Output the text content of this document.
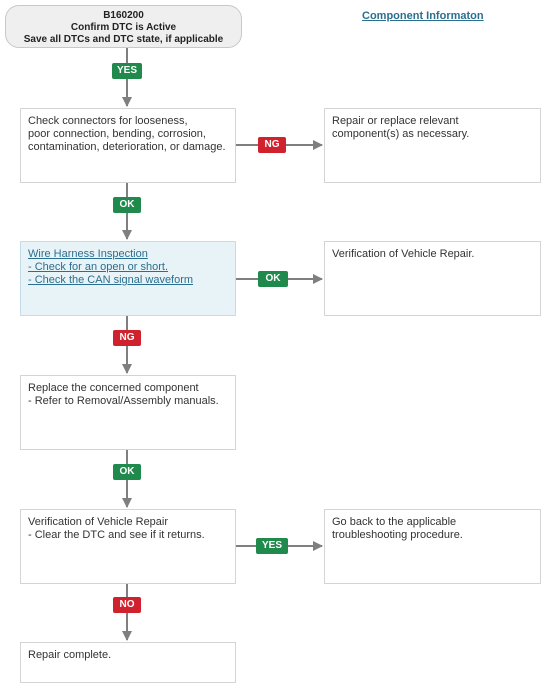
B160200
Confirm DTC is Active
Save all DTCs and DTC state, if applicable
Component Informaton
Check connectors for looseness,
poor connection, bending, corrosion,
contamination, deterioration, or damage.
Repair or replace relevant
component(s) as necessary.
Wire Harness Inspection
- Check for an open or short.
- Check the CAN signal waveform
Verification of Vehicle Repair.
Replace the concerned component
- Refer to Removal/Assembly manuals.
Verification of Vehicle Repair
- Clear the DTC and see if it returns.
Go back to the applicable
troubleshooting procedure.
Repair complete.
YES
NG
OK
OK
NG
OK
YES
NO
